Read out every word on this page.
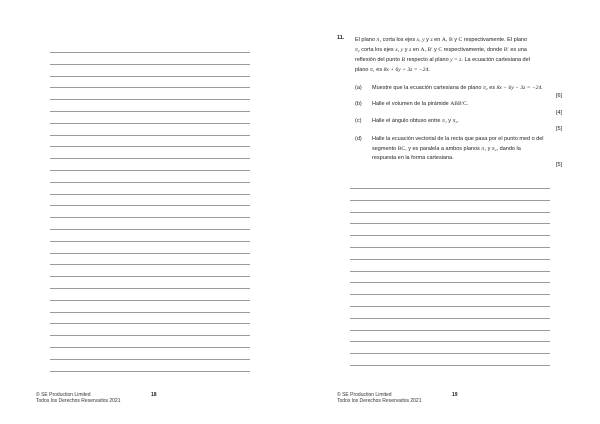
© SE Production Limited
Todos los Derechos Reservados 2021
18
11. El plano π₁ corta los ejes x, y y z en A, B y C respectivamente. El plano
π₂ corta los ejes x, y y z en A, B′ y C respectivamente, donde B′ es una
reflexión del punto B respecto al plano y = z. La ecuación cartesiana del
plano π₁ es 8x + 6y + 3z = −24.
(a) Muestre que la ecuación cartesiana de plano π₂ es 8x − 6y − 3z = −24.
[6]
(b) Halle el volumen de la pirámide ABB′C.
[4]
(c) Halle el ángulo obtuso entre π₁ y π₂.
[5]
(d) Halle la ecuación vectorial de la recta que pasa por el punto med o del
segmento BC, y es paralela a ambos planos π₁ y π₂, dando la
respuesta en la forma cartesiana.
[5]
© SE Production Limited
Todos los Derechos Reservados 2021
19
